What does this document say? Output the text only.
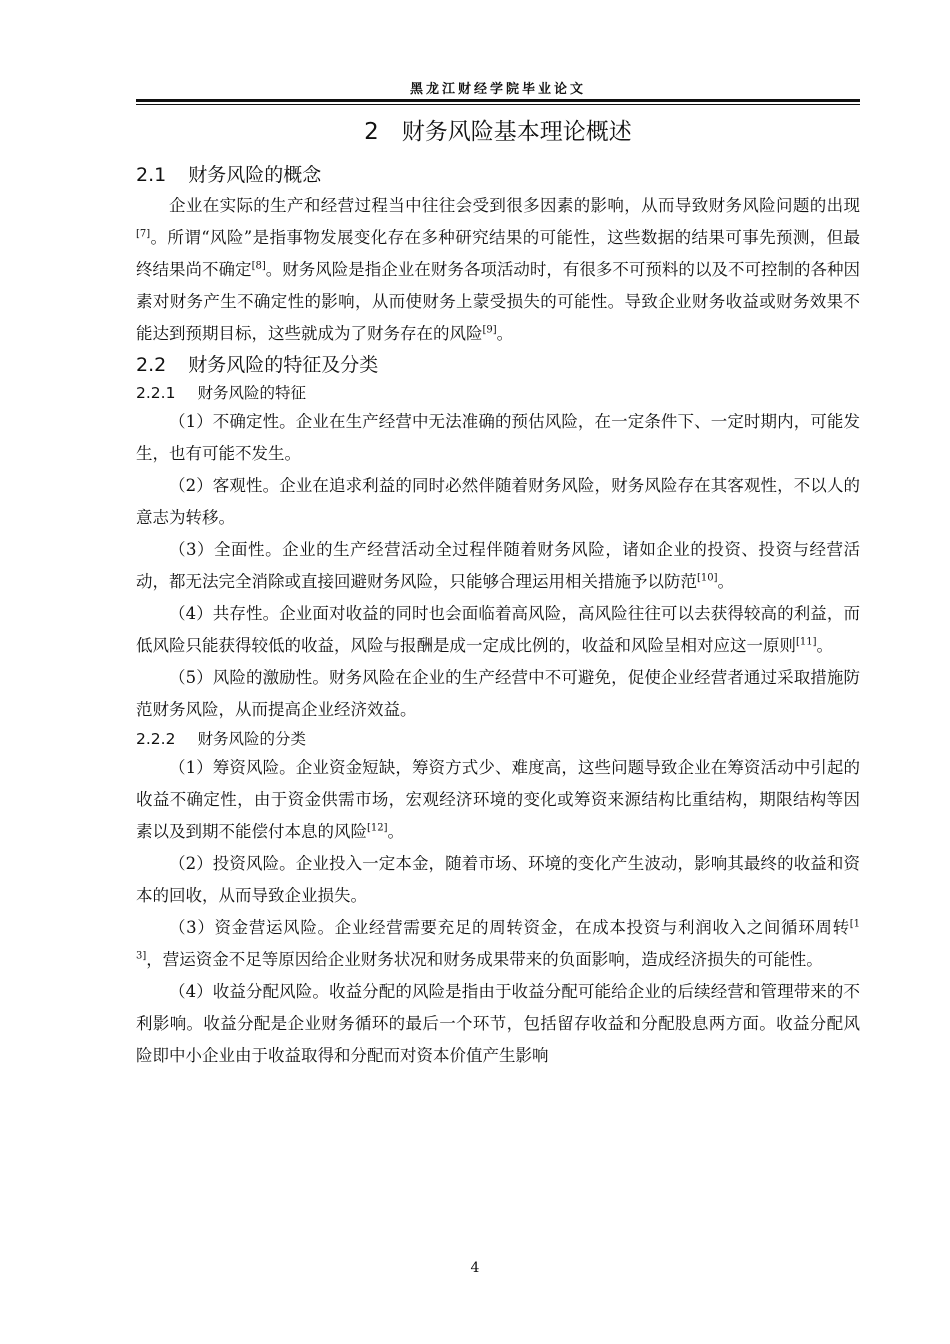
黑龙江财经学院毕业论文

2　财务风险基本理论概述

2.1 财务风险的概念

企业在实际的生产和经营过程当中往往会受到很多因素的影响，从而导致财务风险问题的出现[7]。所谓“风险”是指事物发展变化存在多种研究结果的可能性，这些数据的结果可事先预测，但最终结果尚不确定[8]。财务风险是指企业在财务各项活动时，有很多不可预料的以及不可控制的各种因素对财务产生不确定性的影响，从而使财务上蒙受损失的可能性。导致企业财务收益或财务效果不能达到预期目标，这些就成为了财务存在的风险[9]。

2.2 财务风险的特征及分类

2.2.1 财务风险的特征

（1）不确定性。企业在生产经营中无法准确的预估风险，在一定条件下、一定时期内，可能发生，也有可能不发生。

（2）客观性。企业在追求利益的同时必然伴随着财务风险，财务风险存在其客观性，不以人的意志为转移。

（3）全面性。企业的生产经营活动全过程伴随着财务风险，诸如企业的投资、投资与经营活动，都无法完全消除或直接回避财务风险，只能够合理运用相关措施予以防范[10]。

（4）共存性。企业面对收益的同时也会面临着高风险，高风险往往可以去获得较高的利益，而低风险只能获得较低的收益，风险与报酬是成一定成比例的，收益和风险呈相对应这一原则[11]。

（5）风险的激励性。财务风险在企业的生产经营中不可避免，促使企业经营者通过采取措施防范财务风险，从而提高企业经济效益。

2.2.2 财务风险的分类

（1）筹资风险。企业资金短缺，筹资方式少、难度高，这些问题导致企业在筹资活动中引起的收益不确定性，由于资金供需市场，宏观经济环境的变化或筹资来源结构比重结构，期限结构等因素以及到期不能偿付本息的风险[12]。

（2）投资风险。企业投入一定本金，随着市场、环境的变化产生波动，影响其最终的收益和资本的回收，从而导致企业损失。

（3）资金营运风险。企业经营需要充足的周转资金，在成本投资与利润收入之间循环周转[13]，营运资金不足等原因给企业财务状况和财务成果带来的负面影响，造成经济损失的可能性。

（4）收益分配风险。收益分配的风险是指由于收益分配可能给企业的后续经营和管理带来的不利影响。收益分配是企业财务循环的最后一个环节，包括留存收益和分配股息两方面。收益分配风险即中小企业由于收益取得和分配而对资本价值产生影响

4
